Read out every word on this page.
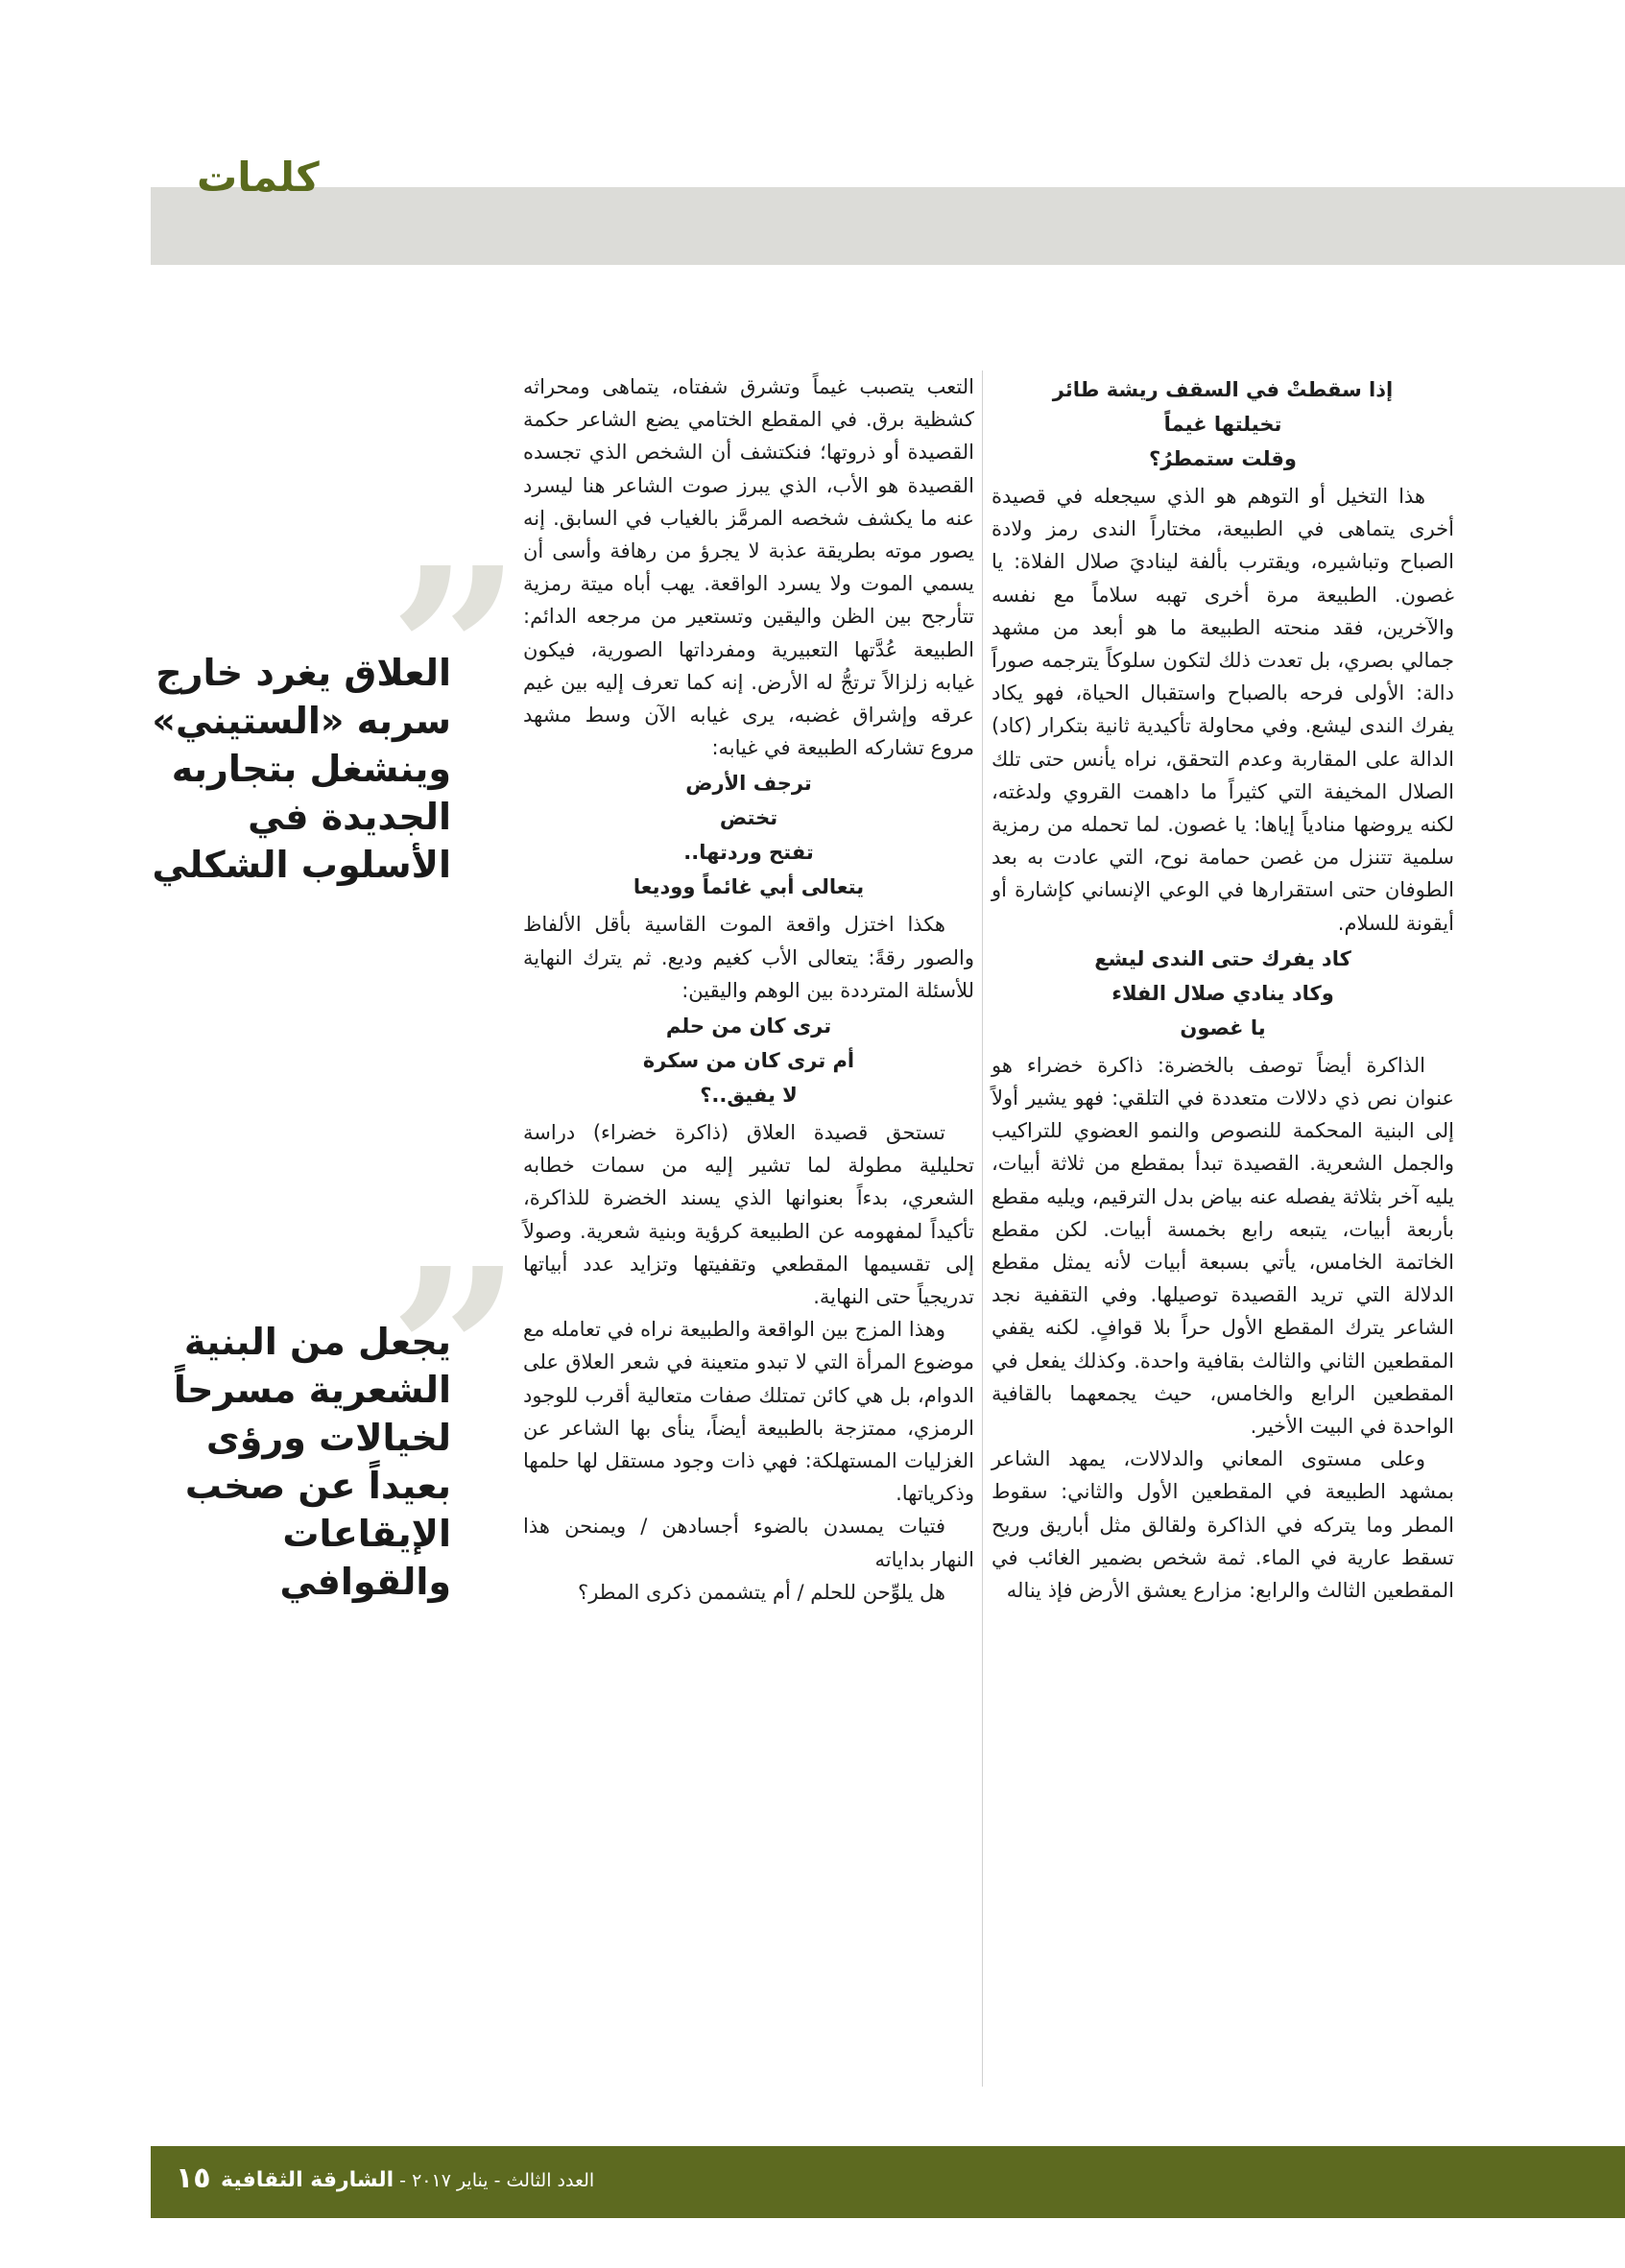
كلمات
”
”
العلاق يغرد خارج سربه «الستيني» وينشغل بتجاربه الجديدة في الأسلوب الشكلي
يجعل من البنية الشعرية مسرحاً لخيالات ورؤى بعيداً عن صخب الإيقاعات والقوافي

التعب يتصبب غيماً وتشرق شفتاه، يتماهى ومحراثه كشظية برق. في المقطع الختامي يضع الشاعر حكمة القصيدة أو ذروتها؛ فنكتشف أن الشخص الذي تجسده القصيدة هو الأب، الذي يبرز صوت الشاعر هنا ليسرد عنه ما يكشف شخصه المرمَّز بالغياب في السابق. إنه يصور موته بطريقة عذبة لا يجرؤ من رهافة وأسى أن يسمي الموت ولا يسرد الواقعة. يهب أباه ميتة رمزية تتأرجح بين الظن واليقين وتستعير من مرجعه الدائم: الطبيعة عُدَّتها التعبيرية ومفرداتها الصورية، فيكون غيابه زلزالاً ترتجُّ له الأرض. إنه كما تعرف إليه بين غيم عرقه وإشراق غضبه، يرى غيابه الآن وسط مشهد مروع تشاركه الطبيعة في غيابه:

ترجف الأرض
تختض
تفتح وردتها..
يتعالى أبي غائماً ووديعا

هكذا اختزل واقعة الموت القاسية بأقل الألفاظ والصور رقةً: يتعالى الأب كغيم وديع. ثم يترك النهاية للأسئلة المترددة بين الوهم واليقين:

ترى كان من حلم
أم ترى كان من سكرة
لا يفيق..؟

تستحق قصيدة العلاق (ذاكرة خضراء) دراسة تحليلية مطولة لما تشير إليه من سمات خطابه الشعري، بدءاً بعنوانها الذي يسند الخضرة للذاكرة، تأكيداً لمفهومه عن الطبيعة كرؤية وبنية شعرية. وصولاً إلى تقسيمها المقطعي وتقفيتها وتزايد عدد أبياتها تدريجياً حتى النهاية.

وهذا المزج بين الواقعة والطبيعة نراه في تعامله مع موضوع المرأة التي لا تبدو متعينة في شعر العلاق على الدوام، بل هي كائن تمتلك صفات متعالية أقرب للوجود الرمزي، ممتزجة بالطبيعة أيضاً، ينأى بها الشاعر عن الغزليات المستهلكة: فهي ذات وجود مستقل لها حلمها وذكرياتها.

فتيات يمسدن بالضوء أجسادهن / ويمنحن هذا النهار بداياته

هل يلوِّحن للحلم / أم يتشممن ذكرى المطر؟

إذا سقطتْ في السقف ريشة طائر
تخيلتها غيماً
وقلت ستمطرُ؟

هذا التخيل أو التوهم هو الذي سيجعله في قصيدة أخرى يتماهى في الطبيعة، مختاراً الندى رمز ولادة الصباح وتباشيره، ويقترب بألفة ليناديَ صلال الفلاة: يا غصون. الطبيعة مرة أخرى تهبه سلاماً مع نفسه والآخرين، فقد منحته الطبيعة ما هو أبعد من مشهد جمالي بصري، بل تعدت ذلك لتكون سلوكاً يترجمه صوراً دالة: الأولى فرحه بالصباح واستقبال الحياة، فهو يكاد يفرك الندى ليشع. وفي محاولة تأكيدية ثانية بتكرار (كاد) الدالة على المقاربة وعدم التحقق، نراه يأنس حتى تلك الصلال المخيفة التي كثيراً ما داهمت القروي ولدغته، لكنه يروضها منادياً إياها: يا غصون. لما تحمله من رمزية سلمية تتنزل من غصن حمامة نوح، التي عادت به بعد الطوفان حتى استقرارها في الوعي الإنساني كإشارة أو أيقونة للسلام.

كاد يفرك حتى الندى ليشع
وكاد ينادي صلال الفلاء
يا غصون

الذاكرة أيضاً توصف بالخضرة: ذاكرة خضراء هو عنوان نص ذي دلالات متعددة في التلقي: فهو يشير أولاً إلى البنية المحكمة للنصوص والنمو العضوي للتراكيب والجمل الشعرية. القصيدة تبدأ بمقطع من ثلاثة أبيات، يليه آخر بثلاثة يفصله عنه بياض بدل الترقيم، ويليه مقطع بأربعة أبيات، يتبعه رابع بخمسة أبيات. لكن مقطع الخاتمة الخامس، يأتي بسبعة أبيات لأنه يمثل مقطع الدلالة التي تريد القصيدة توصيلها. وفي التقفية نجد الشاعر يترك المقطع الأول حراً بلا قوافٍ. لكنه يقفي المقطعين الثاني والثالث بقافية واحدة. وكذلك يفعل في المقطعين الرابع والخامس، حيث يجمعهما بالقافية الواحدة في البيت الأخير.

وعلى مستوى المعاني والدلالات، يمهد الشاعر بمشهد الطبيعة في المقطعين الأول والثاني: سقوط المطر وما يتركه في الذاكرة ولقالق مثل أباريق وريح تسقط عارية في الماء. ثمة شخص بضمير الغائب في المقطعين الثالث والرابع: مزارع يعشق الأرض فإذ يناله

العدد الثالث - يناير ٢٠١٧ - الشارقة الثقافية

١٥
